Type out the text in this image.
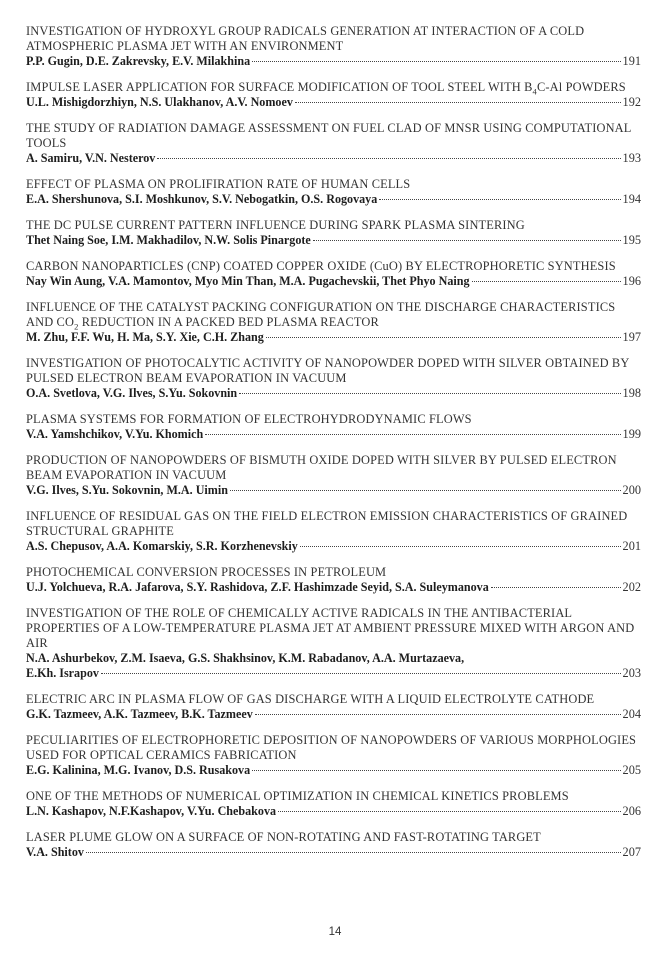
INVESTIGATION OF HYDROXYL GROUP RADICALS GENERATION AT INTERACTION OF A COLD ATMOSPHERIC PLASMA JET WITH AN ENVIRONMENT
P.P. Gugin, D.E. Zakrevsky, E.V. Milakhina	191
IMPULSE LASER APPLICATION FOR SURFACE MODIFICATION OF TOOL STEEL WITH $B_4C-Al$ POWDERS
U.L. Mishigdorzhiyn, N.S. Ulakhanov, A.V. Nomoev	192
THE STUDY OF RADIATION DAMAGE ASSESSMENT ON FUEL CLAD OF MNSR USING COMPUTATIONAL TOOLS
A. Samiru, V.N. Nesterov	193
EFFECT OF PLASMA ON PROLIFIRATION RATE OF HUMAN CELLS
E.A. Shershunova, S.I. Moshkunov, S.V. Nebogatkin, O.S. Rogovaya	194
THE DC PULSE CURRENT PATTERN INFLUENCE DURING SPARK PLASMA SINTERING
Thet Naing Soe, I.M. Makhadilov, N.W. Solis Pinargote	195
CARBON NANOPARTICLES (CNP) COATED COPPER OXIDE (CuO) BY ELECTROPHORETIC SYNTHESIS
Nay Win Aung, V.A. Mamontov, Myo Min Than, M.A. Pugachevskii, Thet Phyo Naing	196
INFLUENCE OF THE CATALYST PACKING CONFIGURATION ON THE DISCHARGE CHARACTERISTICS AND $CO_2$ REDUCTION IN A PACKED BED PLASMA REACTOR
M. Zhu, F.F. Wu, H. Ma, S.Y. Xie, C.H. Zhang	197
INVESTIGATION OF PHOTOCALYTIC ACTIVITY OF NANOPOWDER DOPED WITH SILVER OBTAINED BY PULSED ELECTRON BEAM EVAPORATION IN VACUUM
O.A. Svetlova, V.G. Ilves, S.Yu. Sokovnin	198
PLASMA SYSTEMS FOR FORMATION OF ELECTROHYDRODYNAMIC FLOWS
V.A. Yamshchikov, V.Yu. Khomich	199
PRODUCTION OF NANOPOWDERS OF BISMUTH OXIDE DOPED WITH SILVER BY PULSED ELECTRON BEAM EVAPORATION IN VACUUM
V.G. Ilves, S.Yu. Sokovnin, M.A. Uimin	200
INFLUENCE OF RESIDUAL GAS ON THE FIELD ELECTRON EMISSION CHARACTERISTICS OF GRAINED STRUCTURAL GRAPHITE
A.S. Chepusov, A.A. Komarskiy, S.R. Korzhenevskiy	201
PHOTOCHEMICAL CONVERSION PROCESSES IN PETROLEUM
U.J. Yolchueva, R.A. Jafarova, S.Y. Rashidova, Z.F. Hashimzade Seyid, S.A. Suleymanova	202
INVESTIGATION OF THE ROLE OF CHEMICALLY ACTIVE RADICALS IN THE ANTIBACTERIAL PROPERTIES OF A LOW-TEMPERATURE PLASMA JET AT AMBIENT PRESSURE MIXED WITH ARGON AND AIR
N.A. Ashurbekov, Z.M. Isaeva, G.S. Shakhsinov, K.M. Rabadanov, A.A. Murtazaeva,
E.Kh. Israpov	203
ELECTRIC ARC IN PLASMA FLOW OF GAS DISCHARGE WITH A LIQUID ELECTROLYTE CATHODE
G.K. Tazmeev, A.K. Tazmeev, B.K. Tazmeev	204
PECULIARITIES OF ELECTROPHORETIC DEPOSITION OF NANOPOWDERS OF VARIOUS MORPHOLOGIES USED FOR OPTICAL CERAMICS FABRICATION
E.G. Kalinina, M.G. Ivanov, D.S. Rusakova	205
ONE OF THE METHODS OF NUMERICAL OPTIMIZATION IN CHEMICAL KINETICS PROBLEMS
L.N. Kashapov, N.F.Kashapov, V.Yu. Chebakova	206
LASER PLUME GLOW ON A SURFACE OF NON-ROTATING AND FAST-ROTATING TARGET
V.A. Shitov	207
14
